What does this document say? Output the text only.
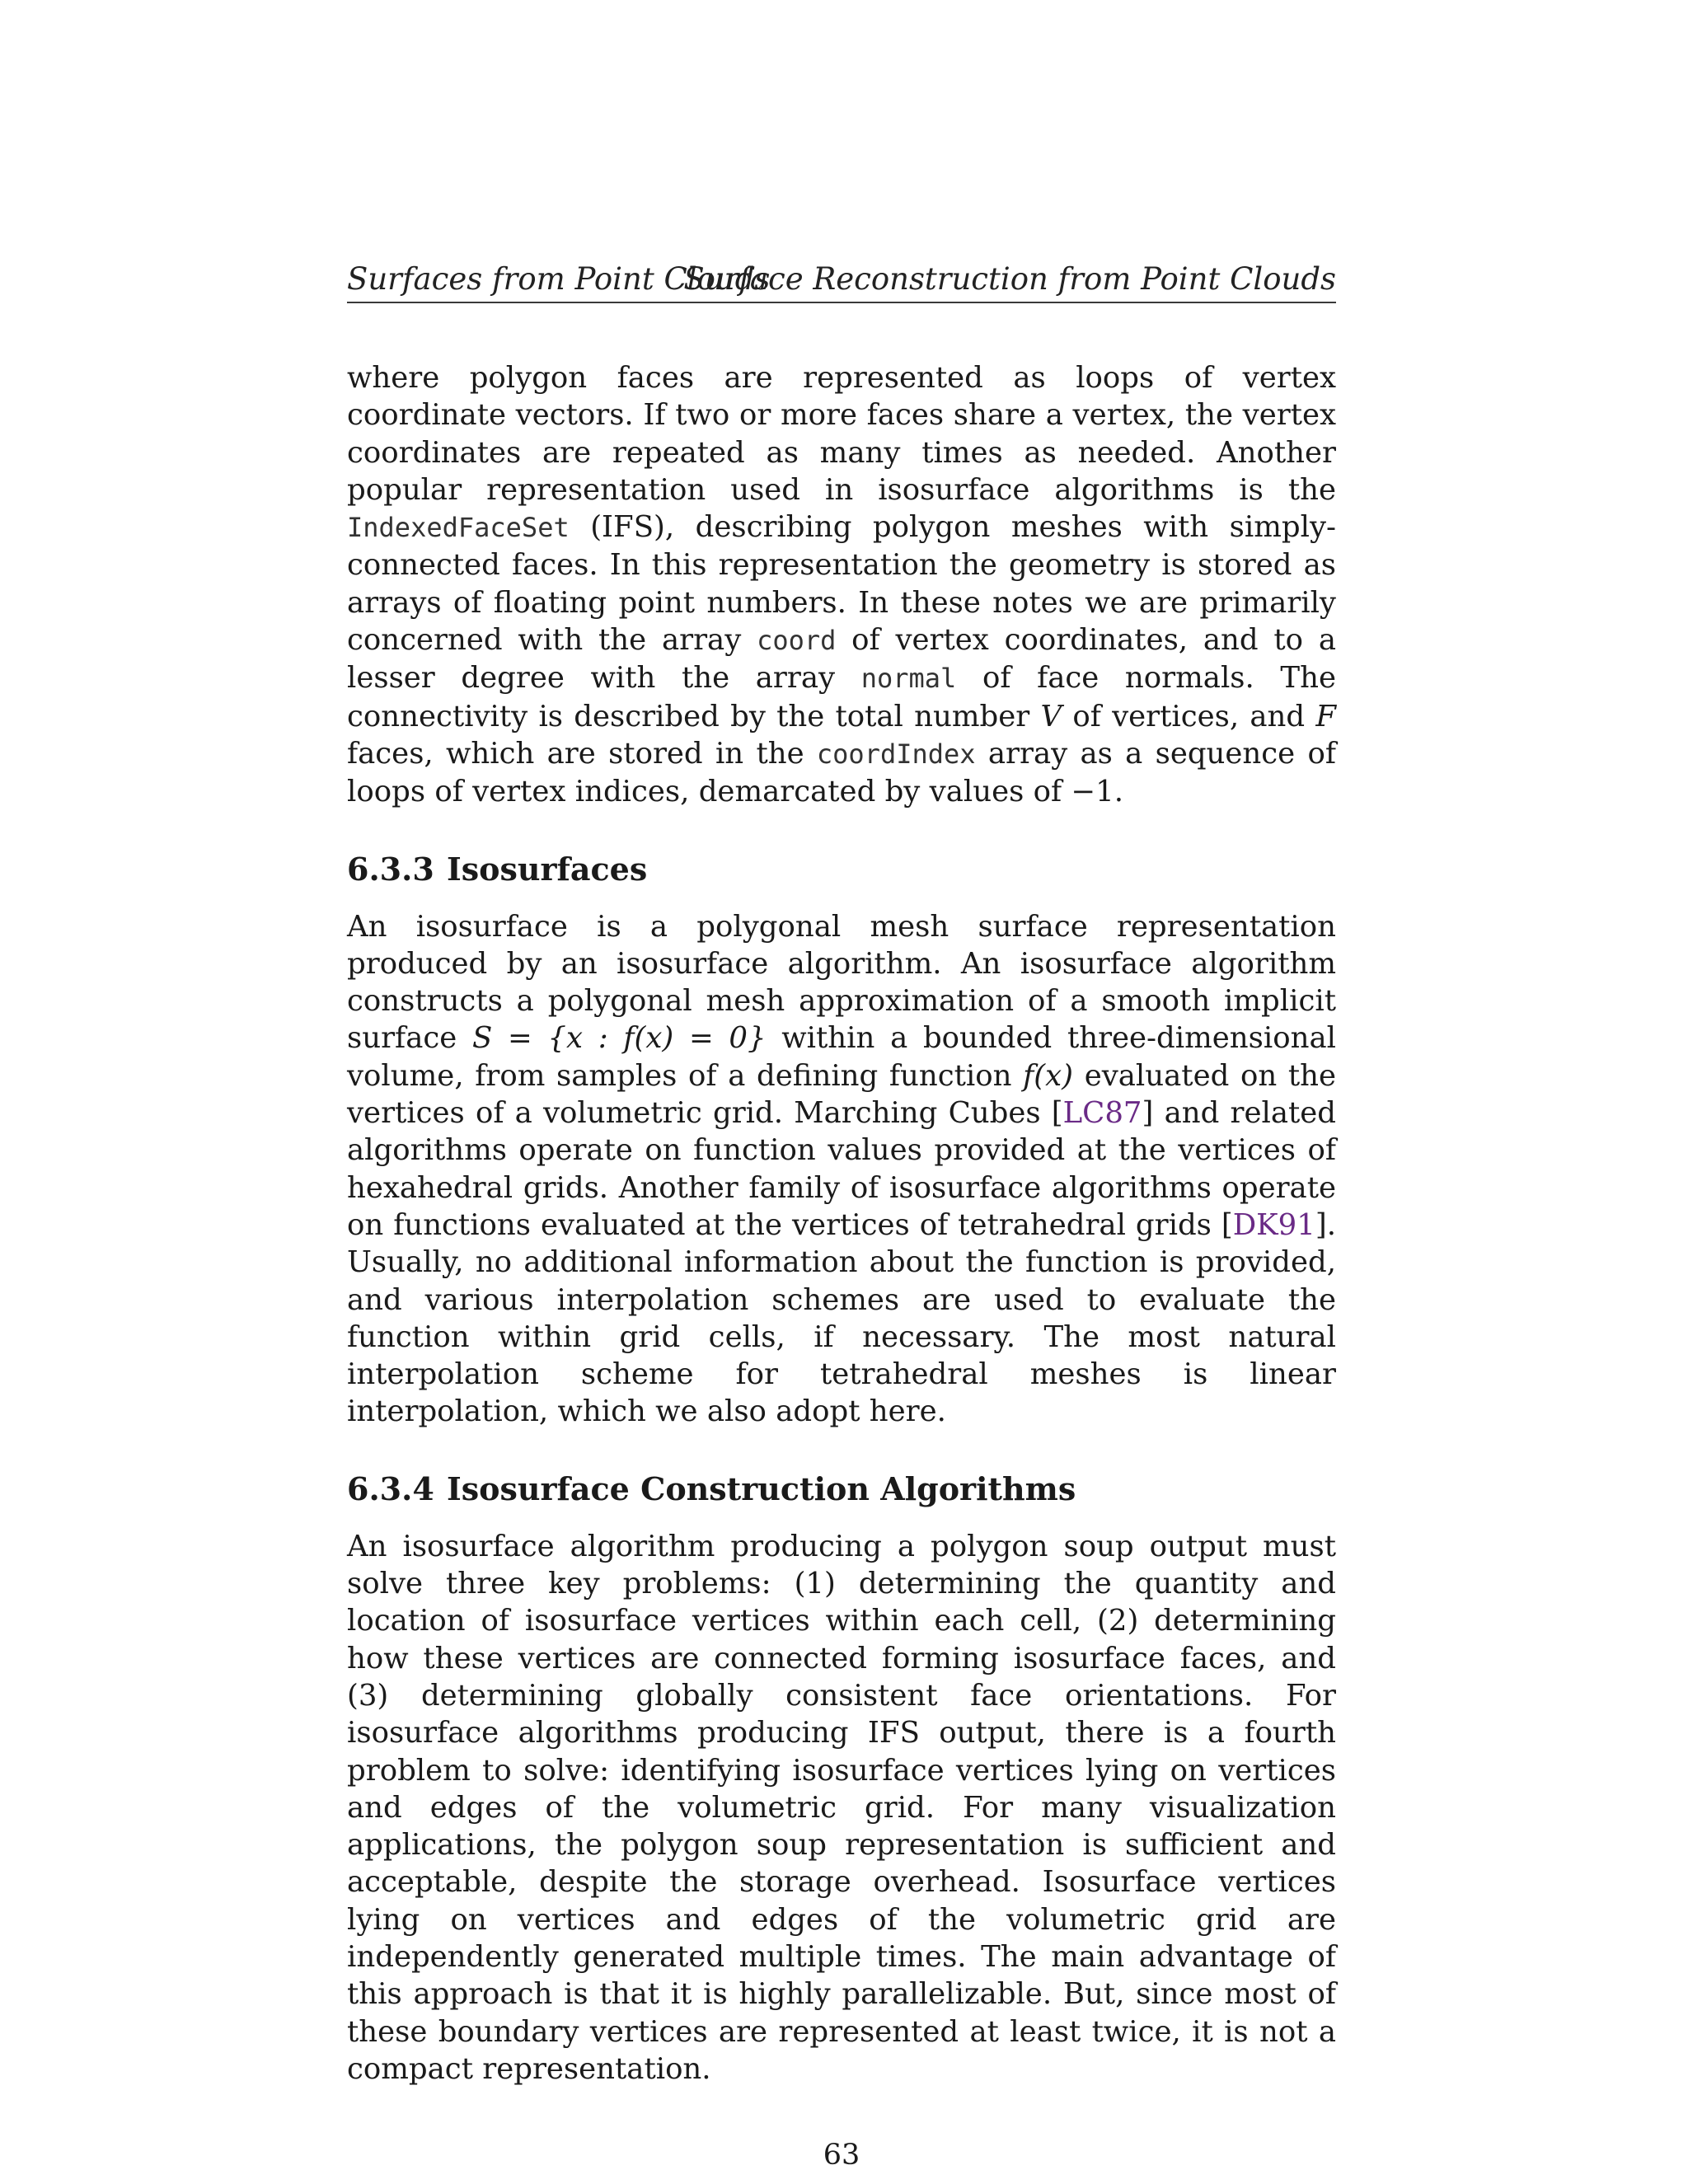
Surfaces from Point Clouds
Surface Reconstruction from Point Clouds

where polygon faces are represented as loops of vertex coordinate vectors. If two or more faces share a vertex, the vertex coordinates are repeated as many times as needed. Another popular representation used in isosurface algorithms is the IndexedFaceSet (IFS), describing polygon meshes with simply-connected faces. In this representation the geometry is stored as arrays of floating point numbers. In these notes we are primarily concerned with the array coord of vertex coordinates, and to a lesser degree with the array normal of face normals. The connectivity is described by the total number V of vertices, and F faces, which are stored in the coordIndex array as a sequence of loops of vertex indices, demarcated by values of −1.

6.3.3 Isosurfaces

An isosurface is a polygonal mesh surface representation produced by an isosurface algorithm. An isosurface algorithm constructs a polygonal mesh approximation of a smooth implicit surface S = {x : f(x) = 0} within a bounded three-dimensional volume, from samples of a defining function f(x) evaluated on the vertices of a volumetric grid. Marching Cubes [LC87] and related algorithms operate on function values provided at the vertices of hexahedral grids. Another family of isosurface algorithms operate on functions evaluated at the vertices of tetrahedral grids [DK91]. Usually, no additional information about the function is provided, and various interpolation schemes are used to evaluate the function within grid cells, if necessary. The most natural interpolation scheme for tetrahedral meshes is linear interpolation, which we also adopt here.

6.3.4 Isosurface Construction Algorithms

An isosurface algorithm producing a polygon soup output must solve three key problems: (1) determining the quantity and location of isosurface vertices within each cell, (2) determining how these vertices are connected forming isosurface faces, and (3) determining globally consistent face orientations. For isosurface algorithms producing IFS output, there is a fourth problem to solve: identifying isosurface vertices lying on vertices and edges of the volumetric grid. For many visualization applications, the polygon soup representation is sufficient and acceptable, despite the storage overhead. Isosurface vertices lying on vertices and edges of the volumetric grid are independently generated multiple times. The main advantage of this approach is that it is highly parallelizable. But, since most of these boundary vertices are represented at least twice, it is not a compact representation.

63
